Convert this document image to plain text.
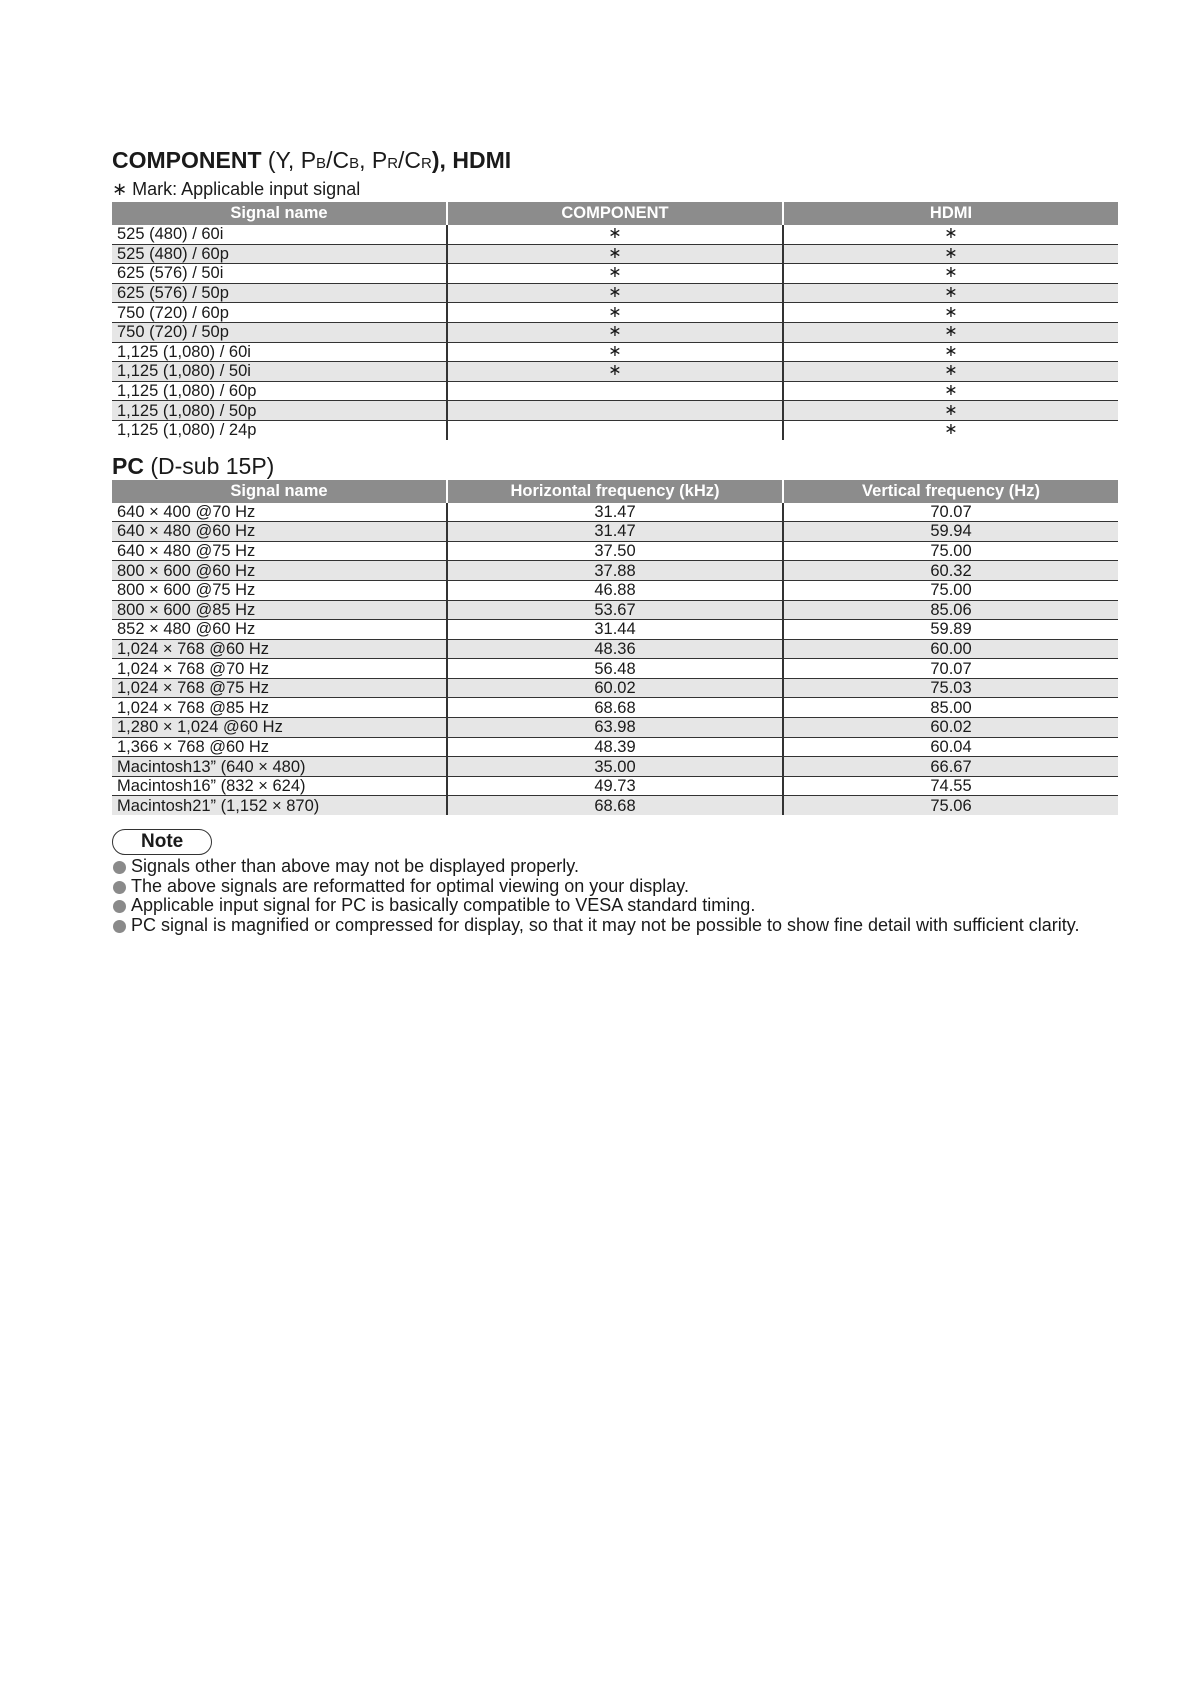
COMPONENT (Y, PB/CB, PR/CR), HDMI

∗ Mark: Applicable input signal

Signal name	COMPONENT	HDMI
525 (480) / 60i	∗	∗
525 (480) / 60p	∗	∗
625 (576) / 50i	∗	∗
625 (576) / 50p	∗	∗
750 (720) / 60p	∗	∗
750 (720) / 50p	∗	∗
1,125 (1,080) / 60i	∗	∗
1,125 (1,080) / 50i	∗	∗
1,125 (1,080) / 60p		∗
1,125 (1,080) / 50p		∗
1,125 (1,080) / 24p		∗
PC (D-sub 15P)
Signal name	Horizontal frequency (kHz)	Vertical frequency (Hz)
640 × 400 @70 Hz	31.47	70.07
640 × 480 @60 Hz	31.47	59.94
640 × 480 @75 Hz	37.50	75.00
800 × 600 @60 Hz	37.88	60.32
800 × 600 @75 Hz	46.88	75.00
800 × 600 @85 Hz	53.67	85.06
852 × 480 @60 Hz	31.44	59.89
1,024 × 768 @60 Hz	48.36	60.00
1,024 × 768 @70 Hz	56.48	70.07
1,024 × 768 @75 Hz	60.02	75.03
1,024 × 768 @85 Hz	68.68	85.00
1,280 × 1,024 @60 Hz	63.98	60.02
1,366 × 768 @60 Hz	48.39	60.04
Macintosh13” (640 × 480)	35.00	66.67
Macintosh16” (832 × 624)	49.73	74.55
Macintosh21” (1,152 × 870)	68.68	75.06
Note
Signals other than above may not be displayed properly.
The above signals are reformatted for optimal viewing on your display.
Applicable input signal for PC is basically compatible to VESA standard timing.
PC signal is magnified or compressed for display, so that it may not be possible to show fine detail with sufficient clarity.
